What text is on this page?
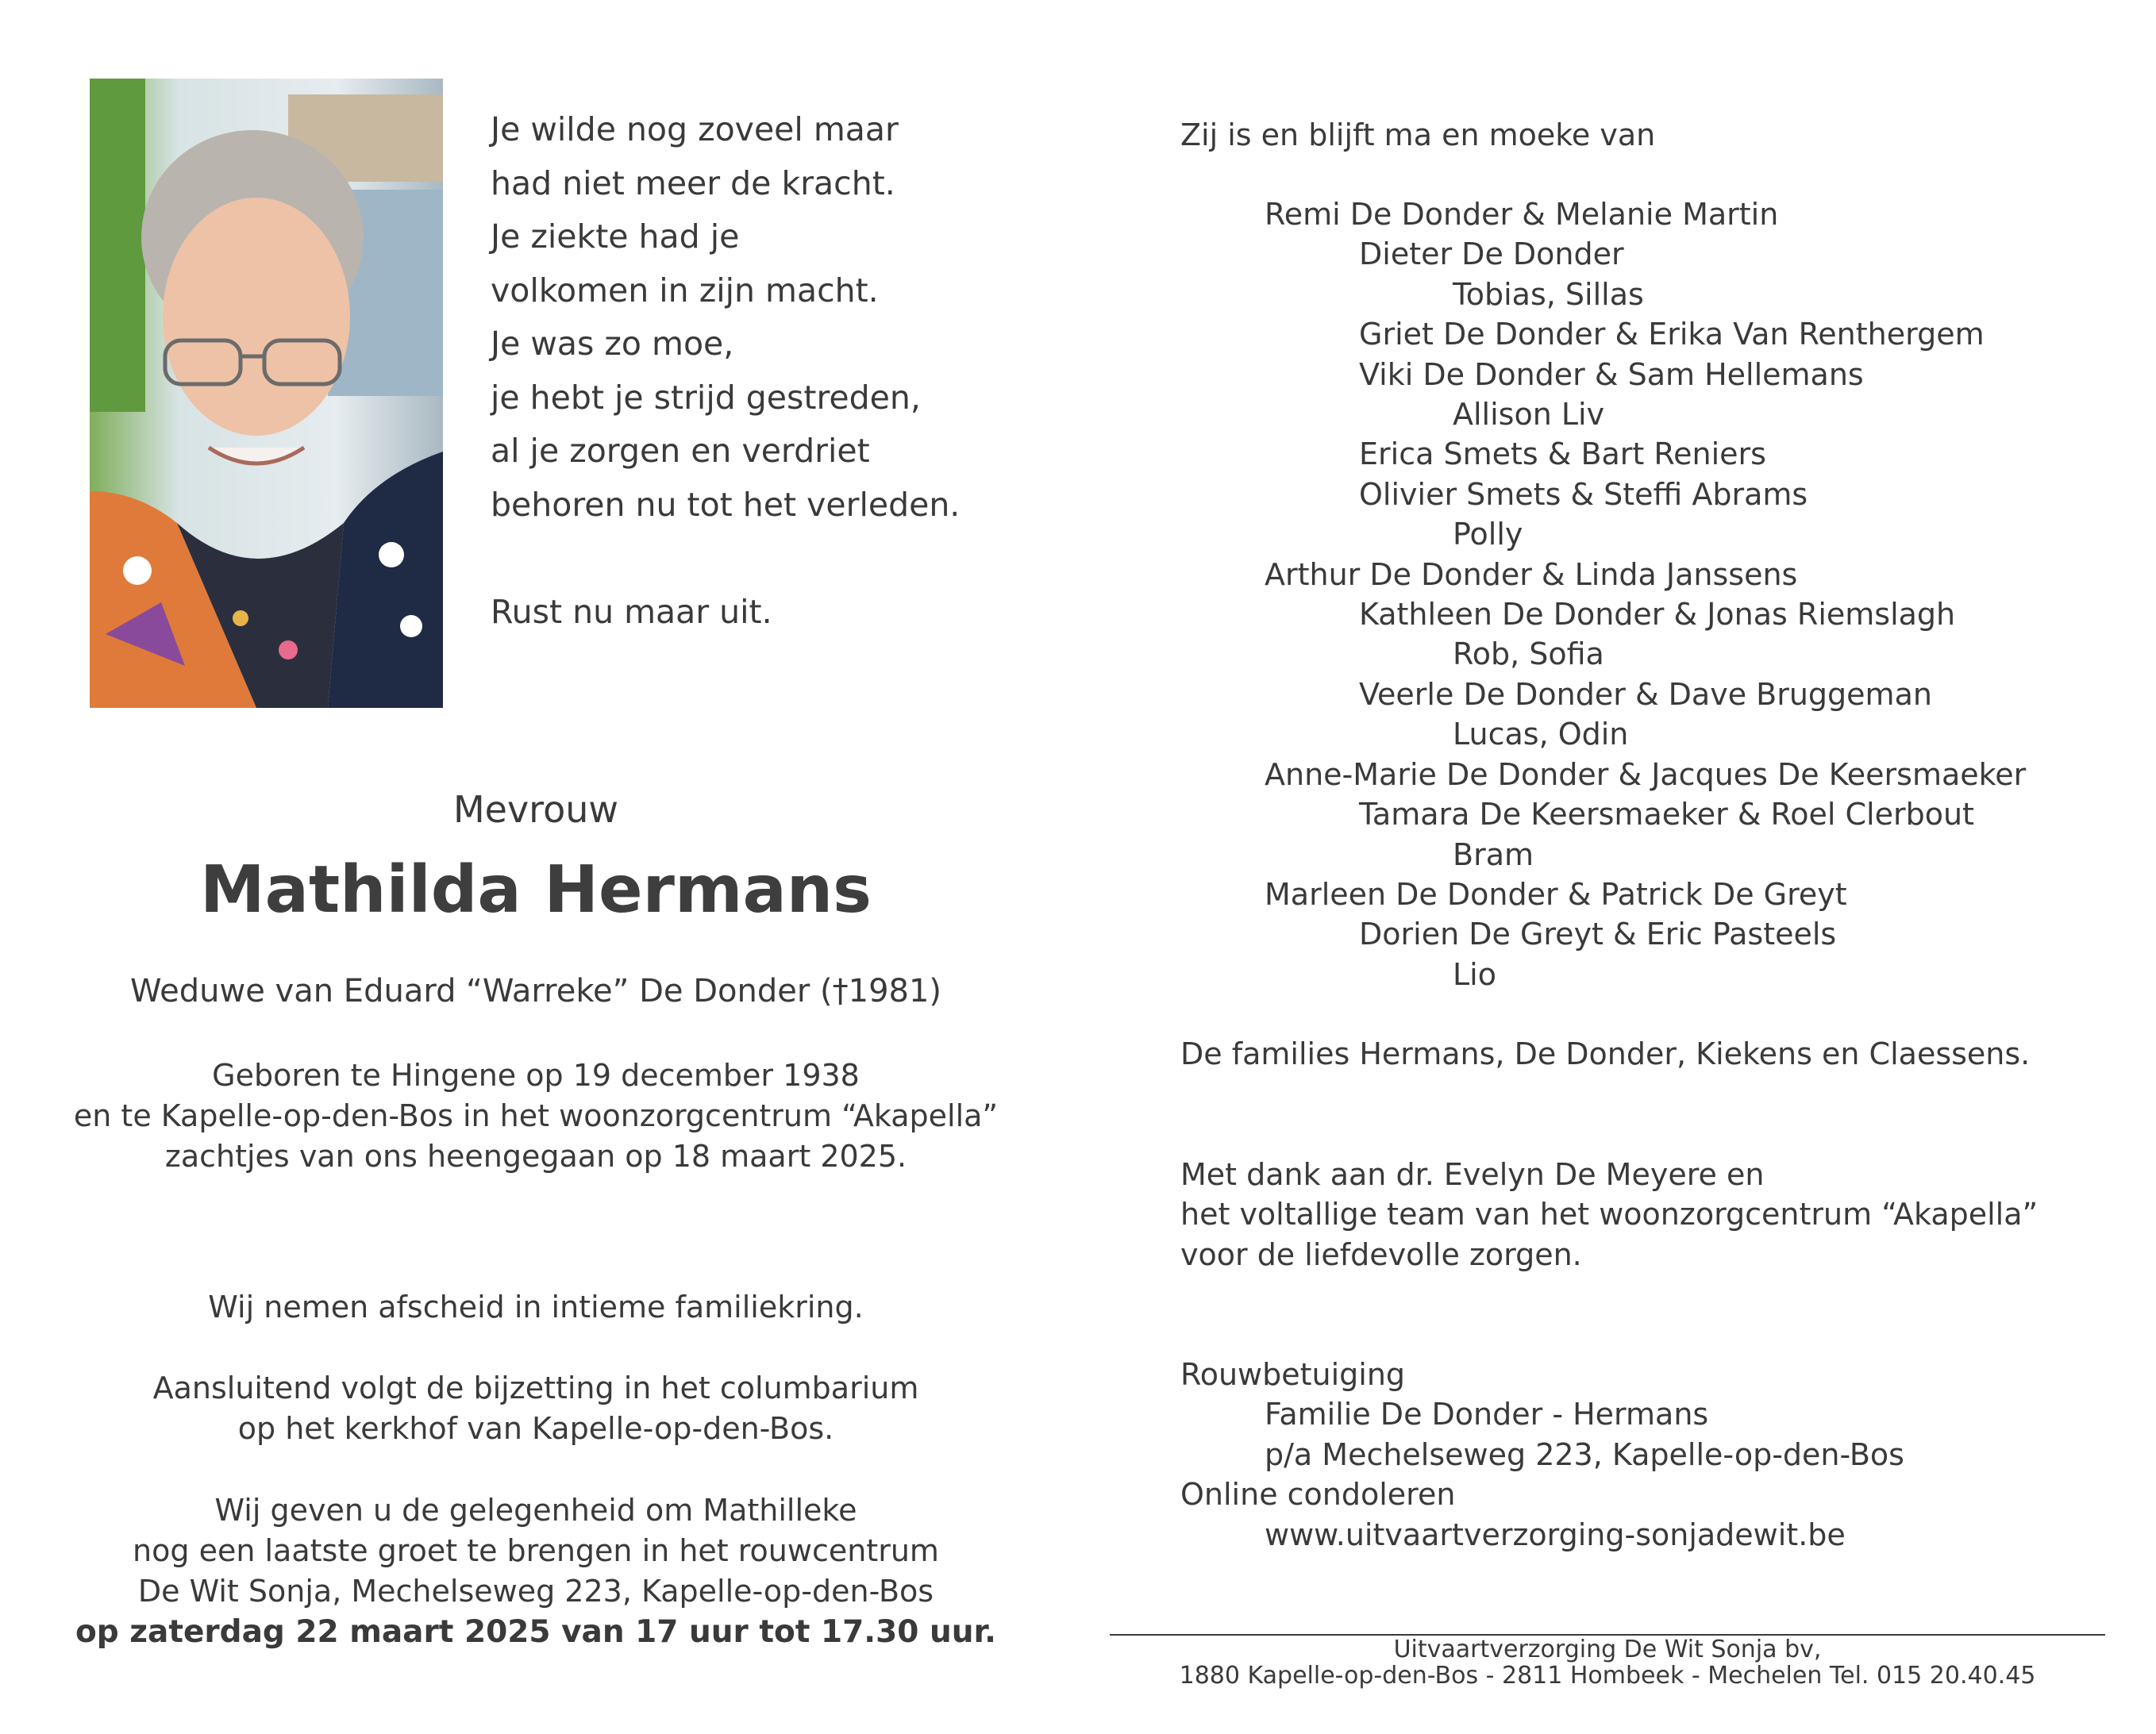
Je wilde nog zoveel maar
had niet meer de kracht.
Je ziekte had je
volkomen in zijn macht.
Je was zo moe,
je hebt je strijd gestreden,
al je zorgen en verdriet
behoren nu tot het verleden.
Rust nu maar uit.
Mevrouw
Mathilda Hermans
Weduwe van Eduard “Warreke” De Donder (†1981)
Geboren te Hingene op 19 december 1938
en te Kapelle-op-den-Bos in het woonzorgcentrum “Akapella”
zachtjes van ons heengegaan op 18 maart 2025.
Wij nemen afscheid in intieme familiekring.
Aansluitend volgt de bijzetting in het columbarium
op het kerkhof van Kapelle-op-den-Bos.
Wij geven u de gelegenheid om Mathilleke
nog een laatste groet te brengen in het rouwcentrum
De Wit Sonja, Mechelseweg 223, Kapelle-op-den-Bos
op zaterdag 22 maart 2025 van 17 uur tot 17.30 uur.
Zij is en blijft ma en moeke van
Remi De Donder & Melanie Martin
Dieter De Donder
Tobias, Sillas
Griet De Donder & Erika Van Renthergem
Viki De Donder & Sam Hellemans
Allison Liv
Erica Smets & Bart Reniers
Olivier Smets & Steffi Abrams
Polly
Arthur De Donder & Linda Janssens
Kathleen De Donder & Jonas Riemslagh
Rob, Sofia
Veerle De Donder & Dave Bruggeman
Lucas, Odin
Anne-Marie De Donder & Jacques De Keersmaeker
Tamara De Keersmaeker & Roel Clerbout
Bram
Marleen De Donder & Patrick De Greyt
Dorien De Greyt & Eric Pasteels
Lio
De families Hermans, De Donder, Kiekens en Claessens.
Met dank aan dr. Evelyn De Meyere en
het voltallige team van het woonzorgcentrum “Akapella”
voor de liefdevolle zorgen.
Rouwbetuiging
Familie De Donder - Hermans
p/a Mechelseweg 223, Kapelle-op-den-Bos
Online condoleren
www.uitvaartverzorging-sonjadewit.be
Uitvaartverzorging De Wit Sonja bv,
1880 Kapelle-op-den-Bos - 2811 Hombeek - Mechelen Tel. 015 20.40.45
